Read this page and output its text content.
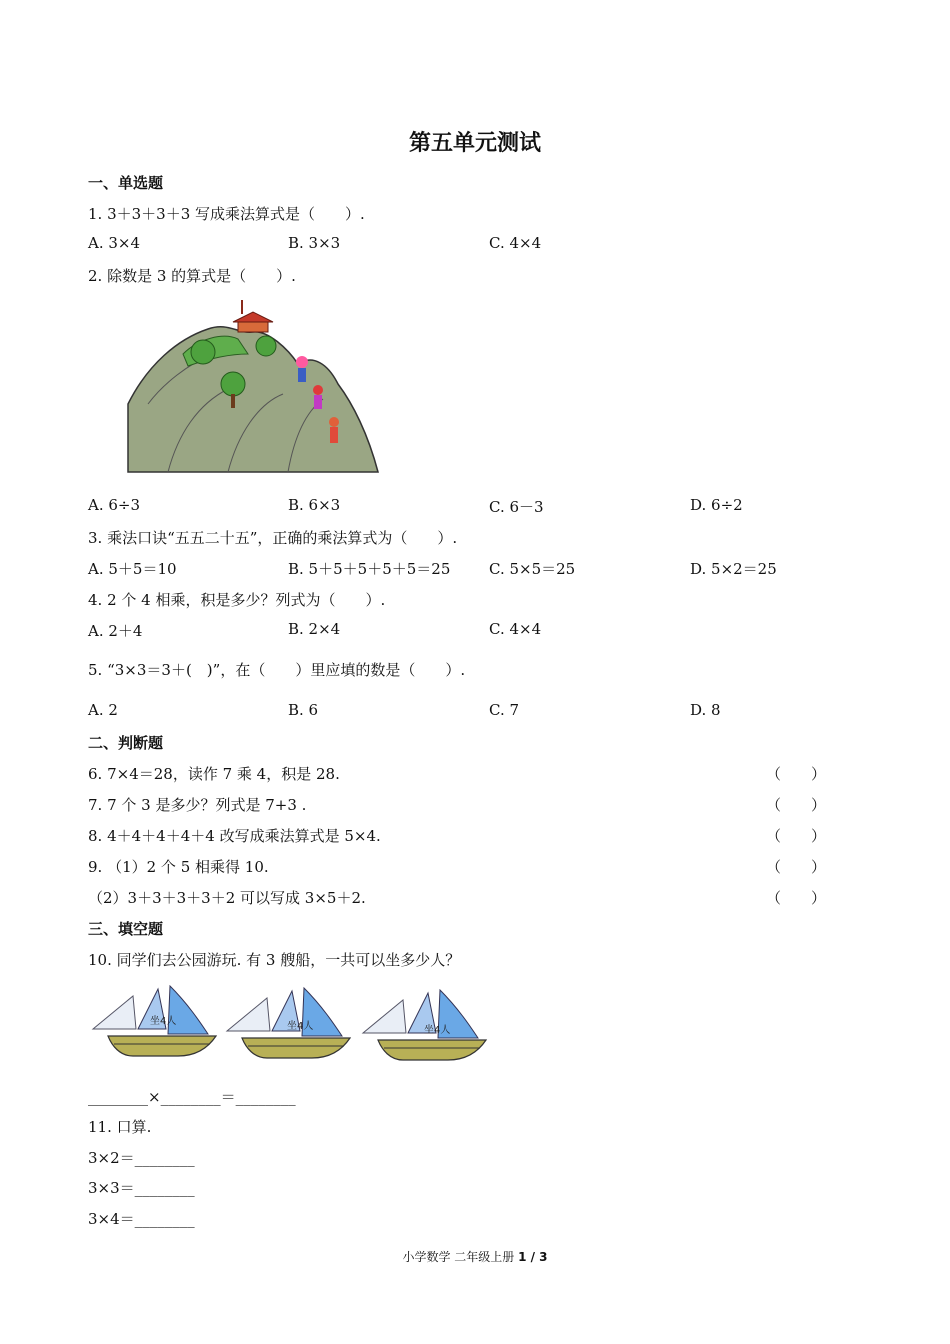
第五单元测试
一、单选题
1. 3＋3＋3＋3 写成乘法算式是（　　）.
A. 3×4	B. 3×3	C. 4×4
2. 除数是 3 的算式是（　　）.
A. 6÷3	B. 6×3	C. 6－3	D. 6÷2
3. 乘法口诀“五五二十五”，正确的乘法算式为（　　）.
A. 5＋5＝10	B. 5＋5＋5＋5＋5＝25	C. 5×5＝25	D. 5×2＝25
4. 2 个 4 相乘，积是多少？列式为（　　）.
A. 2＋4	B. 2×4	C. 4×4
5. “3×3＝3＋(　)”，在（　　）里应填的数是（　　）.
A. 2	B. 6	C. 7	D. 8
二、判断题
6. 7×4＝28，读作 7 乘 4，积是 28.	（　　）
7. 7 个 3 是多少？列式是 7+3 .	（　　）
8. 4＋4＋4＋4＋4 改写成乘法算式是 5×4.	（　　）
9. （1）2 个 5 相乘得 10.	（　　）
（2）3＋3＋3＋3＋2 可以写成 3×5＋2.	（　　）
三、填空题
10. 同学们去公园游玩. 有 3 艘船，一共可以坐多少人？
坐4人	坐4人	坐4人
________×________＝________
11. 口算.
3×2＝________
3×3＝________
3×4＝________
小学数学 二年级上册 1 / 3
